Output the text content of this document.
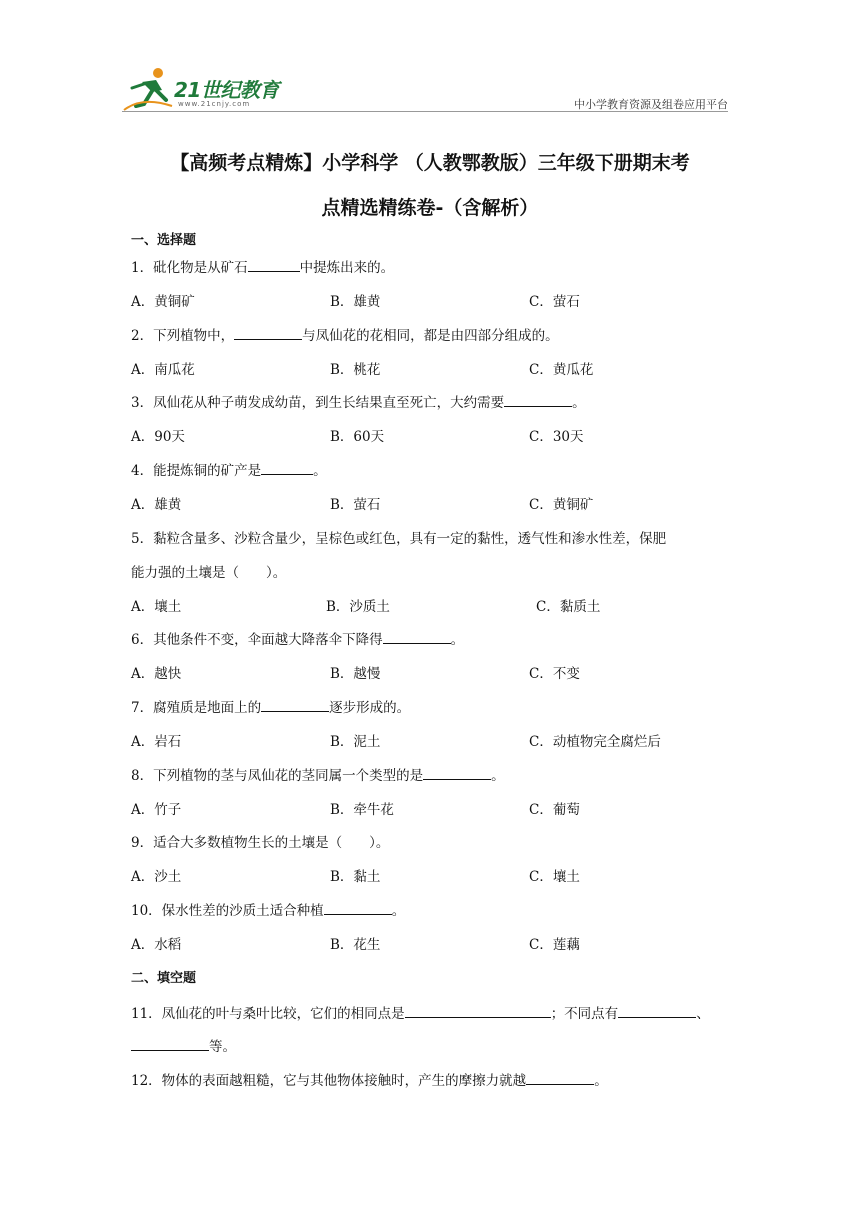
21世纪教育
www.21cnjy.com	中小学教育资源及组卷应用平台
【高频考点精炼】小学科学 （人教鄂教版）三年级下册期末考
点精选精练卷-（含解析）
一、选择题
1．砒化物是从矿石	中提炼出来的。
A．黄铜矿	B．雄黄	C．萤石
2．下列植物中，	与凤仙花的花相同，都是由四部分组成的。
A．南瓜花	B．桃花	C．黄瓜花
3．凤仙花从种子萌发成幼苗，到生长结果直至死亡，大约需要	。
A．90天	B．60天	C．30天
4．能提炼铜的矿产是	。
A．雄黄	B．萤石	C．黄铜矿
5．黏粒含量多、沙粒含量少，呈棕色或红色，具有一定的黏性，透气性和渗水性差，保肥
能力强的土壤是（　　）。
A．壤土	B．沙质土	C．黏质土
6．其他条件不变，伞面越大降落伞下降得	。
A．越快	B．越慢	C．不变
7．腐殖质是地面上的	逐步形成的。
A．岩石	B．泥土	C．动植物完全腐烂后
8．下列植物的茎与凤仙花的茎同属一个类型的是	。
A．竹子	B．牵牛花	C．葡萄
9．适合大多数植物生长的土壤是（　　）。
A．沙土	B．黏土	C．壤土
10．保水性差的沙质土适合种植	。
A．水稻	B．花生	C．莲藕
二、填空题
11．凤仙花的叶与桑叶比较，它们的相同点是	；不同点有	、
等。
12．物体的表面越粗糙，它与其他物体接触时，产生的摩擦力就越	。
